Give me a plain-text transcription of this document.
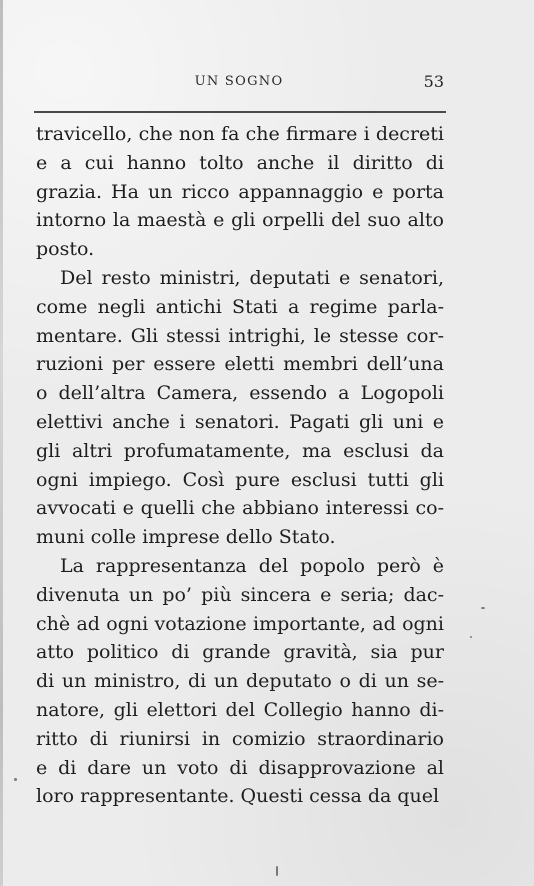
UN SOGNO	53
travicello, che non fa che firmare i decreti
e a cui hanno tolto anche il diritto di
grazia. Ha un ricco appannaggio e porta
intorno la maestà e gli orpelli del suo alto
posto.
Del resto ministri, deputati e senatori,
come negli antichi Stati a regime parla-
mentare. Gli stessi intrighi, le stesse cor-
ruzioni per essere eletti membri dell’una
o dell’altra Camera, essendo a Logopoli
elettivi anche i senatori. Pagati gli uni e
gli altri profumatamente, ma esclusi da
ogni impiego. Così pure esclusi tutti gli
avvocati e quelli che abbiano interessi co-
muni colle imprese dello Stato.
La rappresentanza del popolo però è
divenuta un po’ più sincera e seria; dac-
chè ad ogni votazione importante, ad ogni
atto politico di grande gravità, sia pur
di un ministro, di un deputato o di un se-
natore, gli elettori del Collegio hanno di-
ritto di riunirsi in comizio straordinario
e di dare un voto di disapprovazione al
loro rappresentante. Questi cessa da quel
